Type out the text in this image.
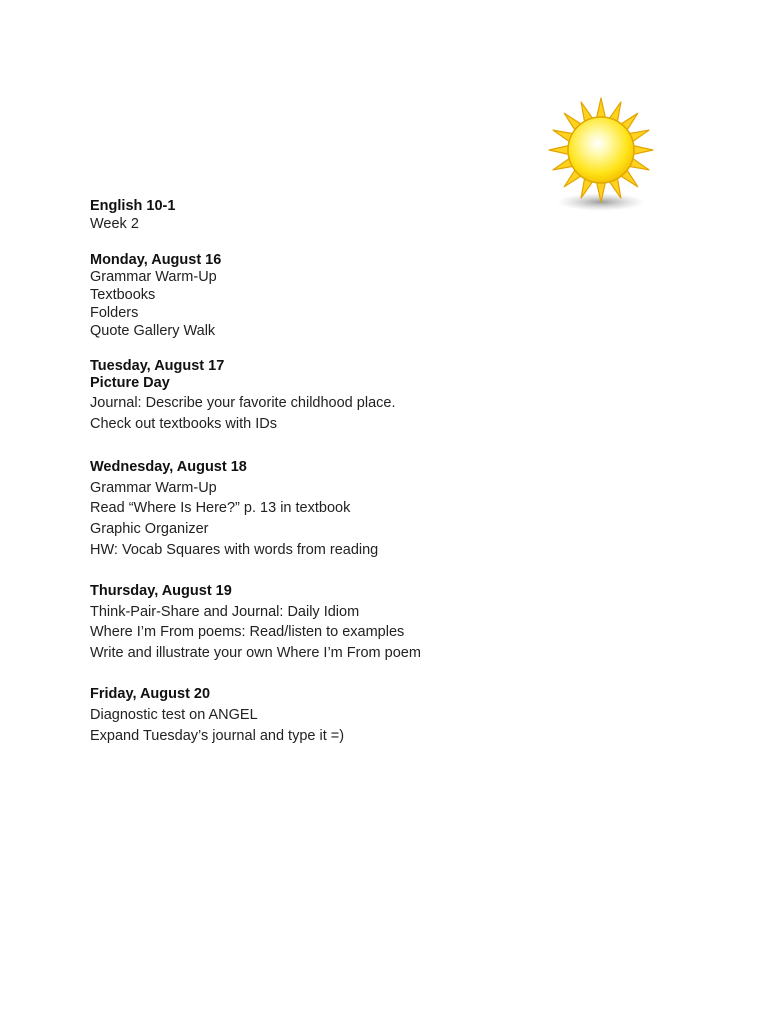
English 10-1
Week 2
Monday, August 16
Grammar Warm-Up
Textbooks
Folders
Quote Gallery Walk
Tuesday, August 17
Picture Day
Journal: Describe your favorite childhood place.
Check out textbooks with IDs
Wednesday, August 18
Grammar Warm-Up
Read “Where Is Here?” p. 13 in textbook
Graphic Organizer
HW: Vocab Squares with words from reading
Thursday, August 19
Think-Pair-Share and Journal: Daily Idiom
Where I’m From poems: Read/listen to examples
Write and illustrate your own Where I’m From poem
Friday, August 20
Diagnostic test on ANGEL
Expand Tuesday’s journal and type it =)
